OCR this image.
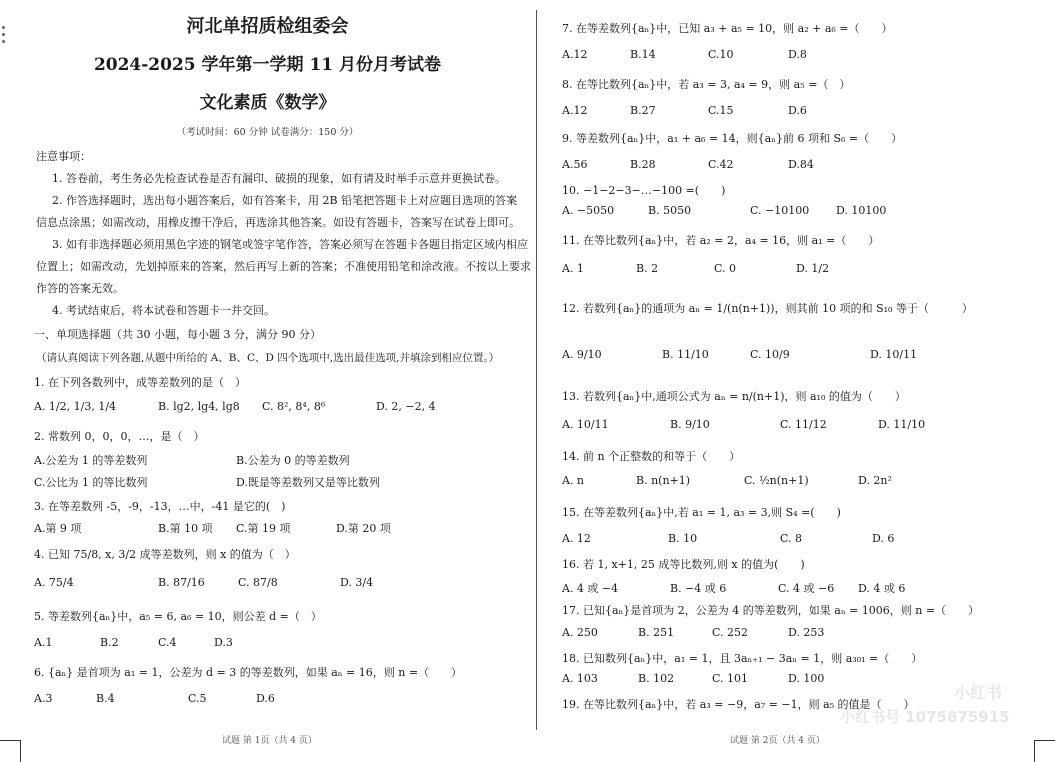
河北单招质检组委会
2024-2025 学年第一学期 11 月份月考试卷
文化素质《数学》
（考试时间：60 分钟 试卷满分：150 分）
注意事项：
1. 答卷前，考生务必先检查试卷是否有漏印、破损的现象，如有请及时举手示意并更换试卷。
2. 作答选择题时，选出每小题答案后，如有答案卡，用 2B 铅笔把答题卡上对应题目选项的答案
信息点涂黑；如需改动，用橡皮擦干净后，再选涂其他答案。如设有答题卡，答案写在试卷上即可。
3. 如有非选择题必须用黑色字迹的钢笔或签字笔作答，答案必须写在答题卡各题目指定区域内相应
位置上；如需改动，先划掉原来的答案，然后再写上新的答案；不准使用铅笔和涂改液。不按以上要求
作答的答案无效。
4. 考试结束后，将本试卷和答题卡一并交回。
一、单项选择题（共 30 小题，每小题 3 分，满分 90 分）
（请认真阅读下列各题,从题中所给的 A、B、C、D 四个选项中,选出最佳选项,并填涂到相应位置。）
1. 在下列各数列中，成等差数列的是（　）
A. 1/2, 1/3, 1/4	B. lg2, lg4, lg8 C. 8², 8⁴, 8⁶	D. 2, −2, 4
2. 常数列 0，0，0，…，是（　）
A.公差为 1 的等差数列	B.公差为 0 的等差数列
C.公比为 1 的等比数列	D.既是等差数列又是等比数列
3. 在等差数列 -5，-9，-13，…中，-41 是它的(　)
A.第 9 项	B.第 10 项 C.第 19 项	D.第 20 项
4. 已知 75/8, x, 3/2 成等差数列，则 x 的值为（　）
A. 75/4	B. 87/16	C. 87/8	D. 3/4
5. 等差数列{aₙ}中，a₅ = 6, a₆ = 10，则公差 d =（　）
A.1	B.2	C.4	D.3
6. {aₙ} 是首项为 a₁ = 1，公差为 d = 3 的等差数列，如果 aₙ = 16，则 n =（　　）
A.3	B.4	C.5	D.6
试题 第 1页（共 4 页）
7. 在等差数列{aₙ}中，已知 a₃ + a₅ = 10，则 a₂ + a₆ =（　　）
A.12	B.14	C.10	D.8
8. 在等比数列{aₙ}中，若 a₃ = 3, a₄ = 9，则 a₅ =（　）
A.12	B.27	C.15	D.6
9. 等差数列{aₙ}中，a₁ + a₆ = 14，则{aₙ}前 6 项和 S₆ =（　　）
A.56	B.28	C.42	D.84
10. −1−2−3−…−100 =(　　)
A. −5050	B. 5050	C. −10100 D. 10100
11. 在等比数列{aₙ}中，若 a₂ = 2，a₄ = 16，则 a₁ =（　　）
A. 1	B. 2	C. 0	D. 1/2
12. 若数列{aₙ}的通项为 aₙ = 1/(n(n+1))，则其前 10 项的和 S₁₀ 等于（　　　）
A. 9/10	B. 11/10	C. 10/9	D. 10/11
13. 若数列{aₙ}中,通项公式为 aₙ = n/(n+1)，则 a₁₀ 的值为（　　）
A. 10/11	B. 9/10	C. 11/12	D. 11/10
14. 前 n 个正整数的和等于（　　）
A. n	B. n(n+1)	C. ½n(n+1)	D. 2n²
15. 在等差数列{aₙ}中,若 a₁ = 1, a₃ = 3,则 S₄ =(　　)
A. 12	B. 10	C. 8	D. 6
16. 若 1, x+1, 25 成等比数列,则 x 的值为(　　)
A. 4 或 −4	B. −4 或 6	C. 4 或 −6 D. 4 或 6
17. 已知{aₙ}是首项为 2，公差为 4 的等差数列，如果 aₙ = 1006，则 n =（　　）
A. 250	B. 251	C. 252	D. 253
18. 已知数列{aₙ}中，a₁ = 1，且 3aₙ₊₁ − 3aₙ = 1，则 a₃₀₁ =（　　）
A. 103	B. 102	C. 101	D. 100
19. 在等比数列{aₙ}中，若 a₃ = −9，a₇ = −1，则 a₅ 的值是（　　）
试题 第 2页（共 4 页）
小红书
小红书号 1075875915
